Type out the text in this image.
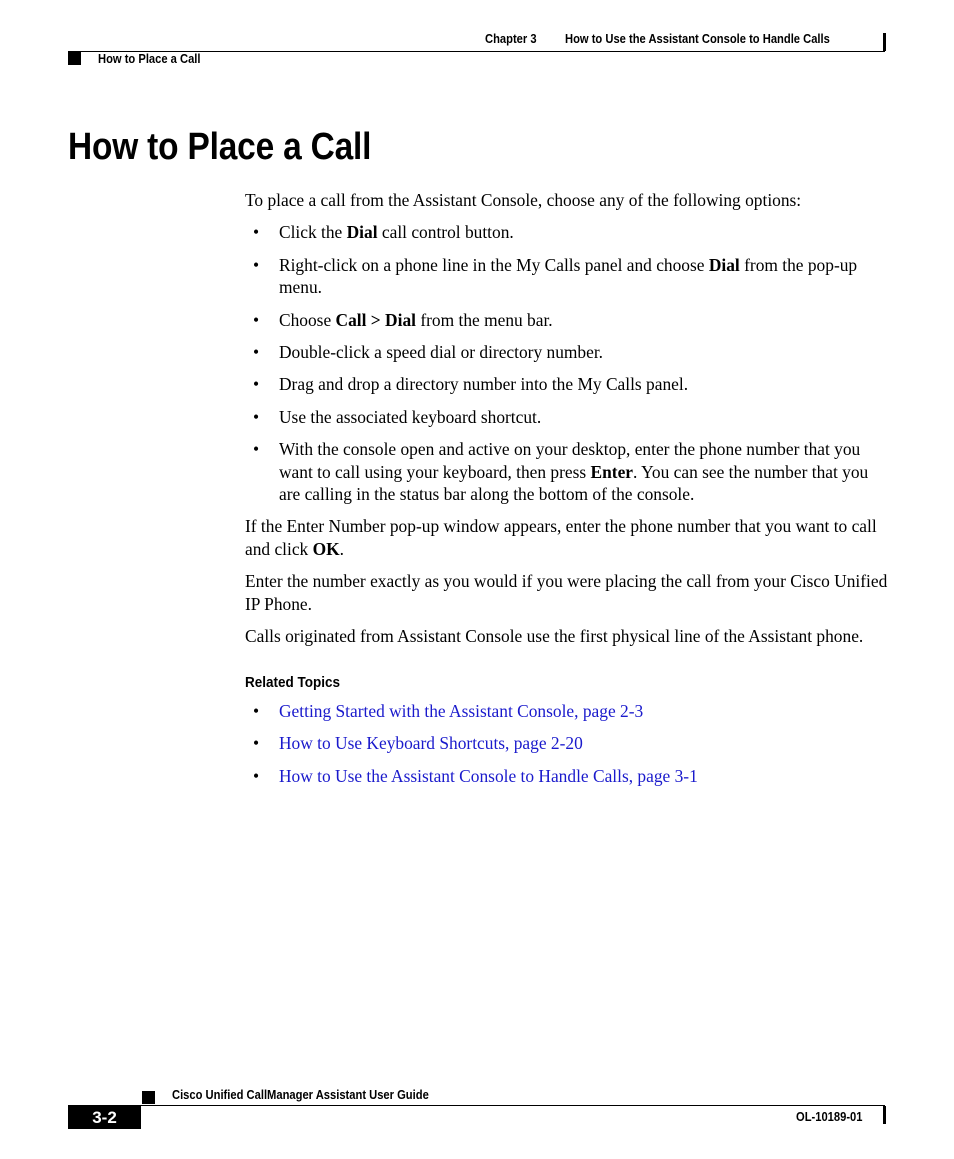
Chapter 3 How to Use the Assistant Console to Handle Calls
How to Place a Call
How to Place a Call

To place a call from the Assistant Console, choose any of the following options:

• Click the Dial call control button.
• Right-click on a phone line in the My Calls panel and choose Dial from the pop-up menu.
• Choose Call > Dial from the menu bar.
• Double-click a speed dial or directory number.
• Drag and drop a directory number into the My Calls panel.
• Use the associated keyboard shortcut.
• With the console open and active on your desktop, enter the phone number that you want to call using your keyboard, then press Enter. You can see the number that you are calling in the status bar along the bottom of the console.

If the Enter Number pop-up window appears, enter the phone number that you want to call and click OK.

Enter the number exactly as you would if you were placing the call from your Cisco Unified IP Phone.

Calls originated from Assistant Console use the first physical line of the Assistant phone.

Related Topics
• Getting Started with the Assistant Console, page 2-3
• How to Use Keyboard Shortcuts, page 2-20
• How to Use the Assistant Console to Handle Calls, page 3-1
Cisco Unified CallManager Assistant User Guide
3-2	OL-10189-01
